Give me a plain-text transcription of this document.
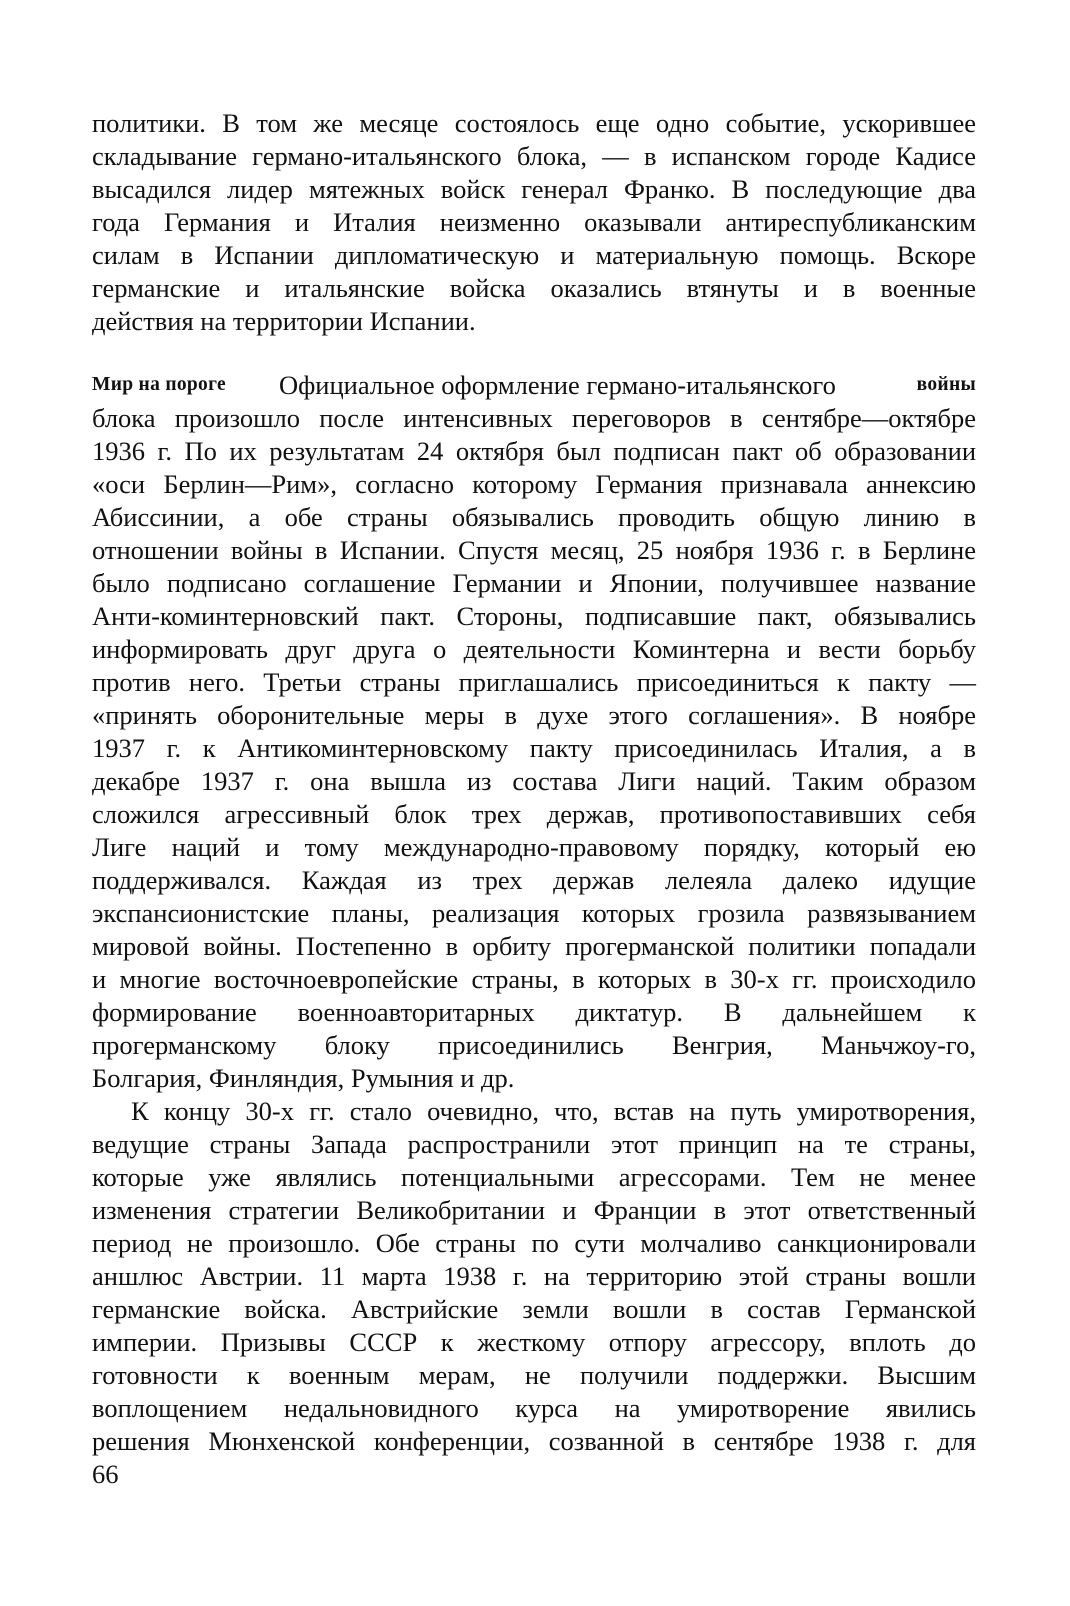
политики. В том же месяце состоялось еще одно событие, ускорившее
складывание германо-итальянского блока, — в испанском городе Кадисе
высадился лидер мятежных войск генерал Франко. В последующие два
года Германия и Италия неизменно оказывали антиреспубликанским
силам в Испании дипломатическую и материальную помощь. Вскоре
германские и итальянские войска оказались втянуты и в военные
действия на территории Испании.
Мир на пороге Официальное оформление германо-итальянского	войны
блока произошло после интенсивных переговоров в сентябре—октябре
1936 г. По их результатам 24 октября был подписан пакт об образовании
«оси Берлин—Рим», согласно которому Германия признавала аннексию
Абиссинии, а обе страны обязывались проводить общую линию в
отношении войны в Испании. Спустя месяц, 25 ноября 1936 г. в Берлине
было подписано соглашение Германии и Японии, получившее название
Анти-коминтерновский пакт. Стороны, подписавшие пакт, обязывались
информировать друг друга о деятельности Коминтерна и вести борьбу
против него. Третьи страны приглашались присоединиться к пакту —
«принять оборонительные меры в духе этого соглашения». В ноябре
1937 г. к Антикоминтерновскому пакту присоединилась Италия, а в
декабре 1937 г. она вышла из состава Лиги наций. Таким образом
сложился агрессивный блок трех держав, противопоставивших себя
Лиге наций и тому международно-правовому порядку, который ею
поддерживался. Каждая из трех держав лелеяла далеко идущие
экспансионистские планы, реализация которых грозила развязыванием
мировой войны. Постепенно в орбиту прогерманской политики попадали
и многие восточноевропейские страны, в которых в 30-х гг. происходило
формирование военноавторитарных диктатур. В дальнейшем к
прогерманскому блоку присоединились Венгрия, Маньчжоу-го,
Болгария, Финляндия, Румыния и др.
К концу 30-х гг. стало очевидно, что, встав на путь умиротворения,
ведущие страны Запада распространили этот принцип на те страны,
которые уже являлись потенциальными агрессорами. Тем не менее
изменения стратегии Великобритании и Франции в этот ответственный
период не произошло. Обе страны по сути молчаливо санкционировали
аншлюс Австрии. 11 марта 1938 г. на территорию этой страны вошли
германские войска. Австрийские земли вошли в состав Германской
империи. Призывы СССР к жесткому отпору агрессору, вплоть до
готовности к военным мерам, не получили поддержки. Высшим
воплощением недальновидного курса на умиротворение явились
решения Мюнхенской конференции, созванной в сентябре 1938 г. для
66
